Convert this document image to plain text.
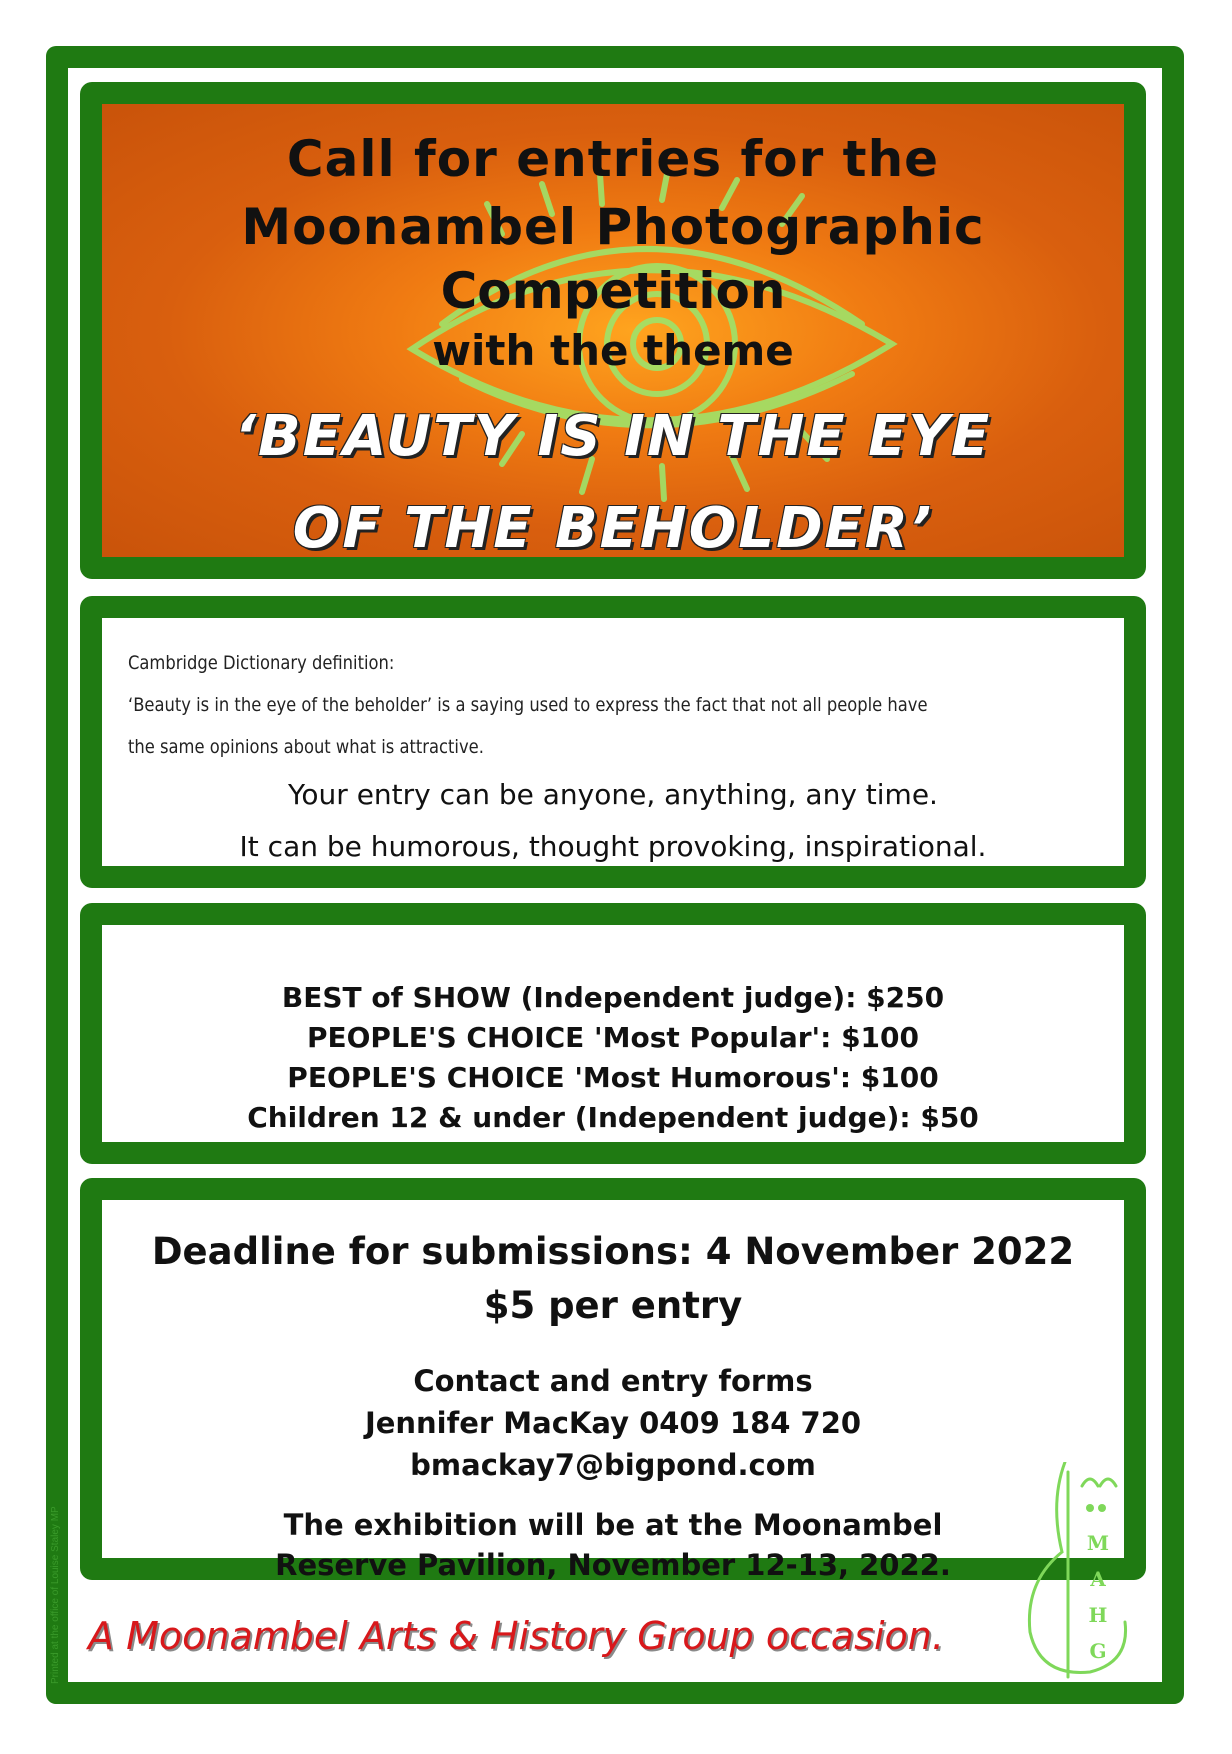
Call for entries for the

Moonambel Photographic

Competition

with the theme

‘BEAUTY IS IN THE EYE
OF THE BEHOLDER’
Cambridge Dictionary definition:
‘Beauty is in the eye of the beholder’ is a saying used to express the fact that not all people have
the same opinions about what is attractive.
Your entry can be anyone, anything, any time.
It can be humorous, thought provoking, inspirational.
BEST of SHOW (Independent judge): $250
PEOPLE'S CHOICE 'Most Popular': $100
PEOPLE'S CHOICE 'Most Humorous': $100
Children 12 & under (Independent judge): $50
Deadline for submissions: 4 November 2022
$5 per entry
Contact and entry forms
Jennifer MacKay 0409 184 720
bmackay7@bigpond.com
The exhibition will be at the Moonambel
Reserve Pavilion, November 12-13, 2022.
A Moonambel Arts & History Group occasion.
Printed at the office of Louise Staley MP	M
A
H
G
